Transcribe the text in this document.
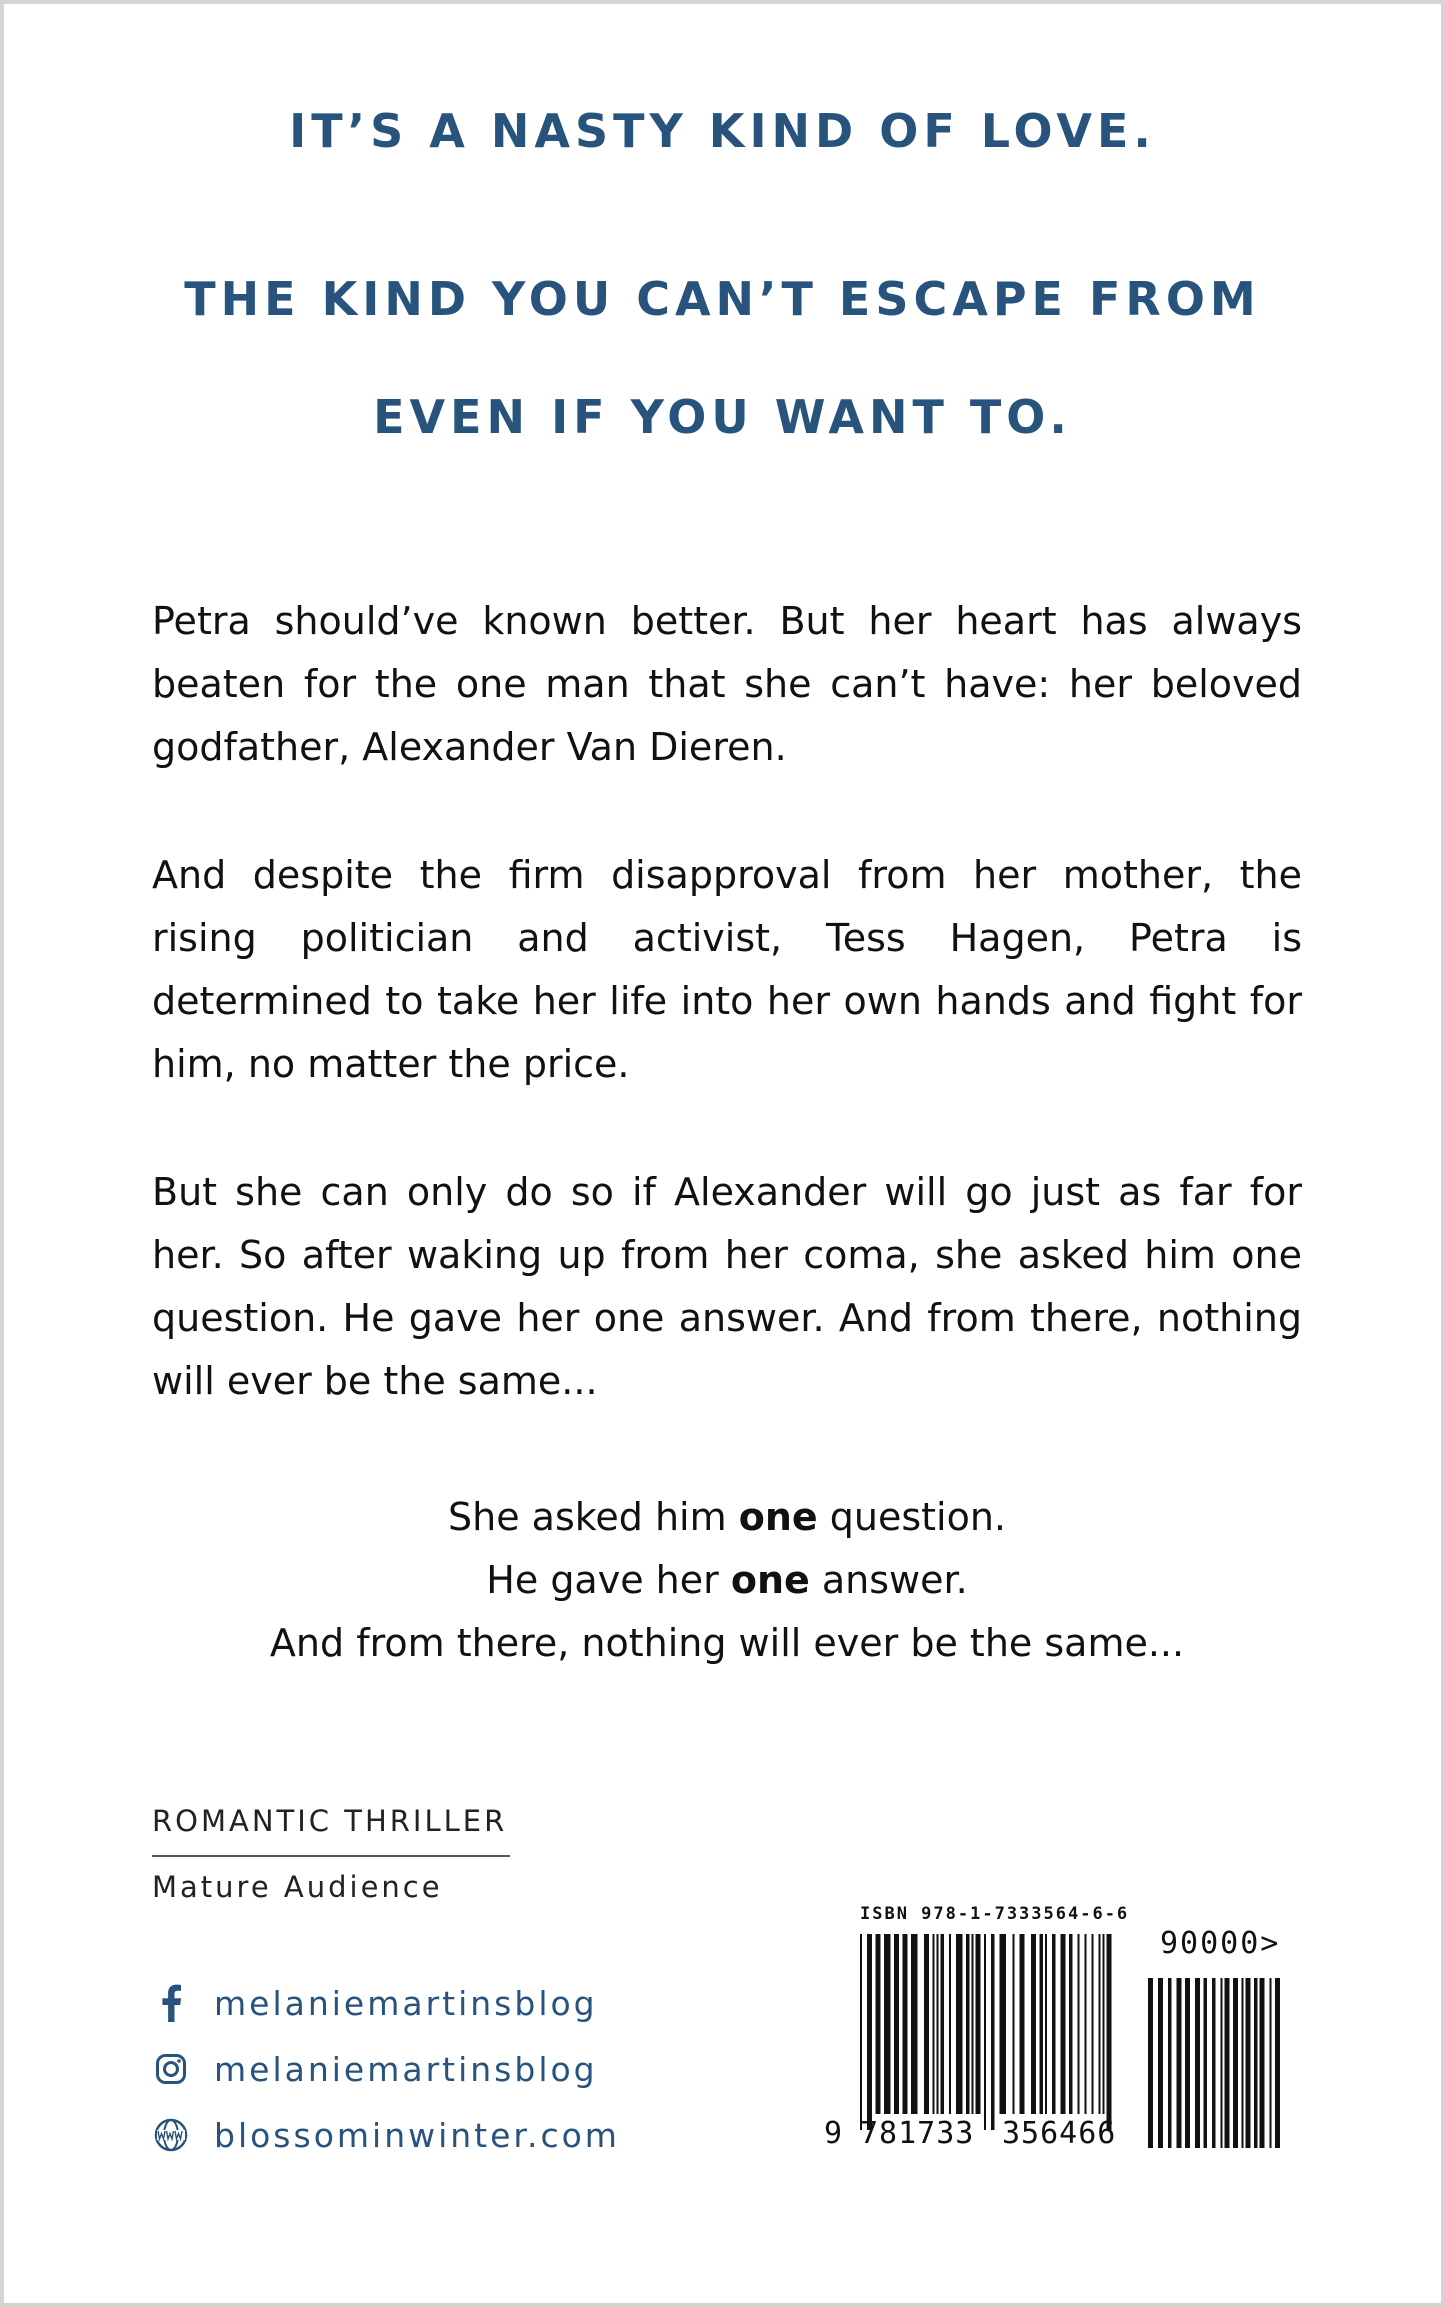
IT’S A NASTY KIND OF LOVE.
THE KIND YOU CAN’T ESCAPE FROM
EVEN IF YOU WANT TO.

Petra should’ve known better. But her heart has always beaten for the one man that she can’t have: her beloved godfather, Alexander Van Dieren.

And despite the firm disapproval from her mother, the rising politician and activist, Tess Hagen, Petra is determined to take her life into her own hands and fight for him, no matter the price.

But she can only do so if Alexander will go just as far for her. So after waking up from her coma, she asked him one question. He gave her one answer. And from there, nothing will ever be the same...

She asked him one question.
He gave her one answer.
And from there, nothing will ever be the same...
ROMANTIC THRILLER
Mature Audience
melaniemartinsblog
melaniemartinsblog
blossominwinter.com
ISBN 978-1-7333564-6-6
90000>
9 781733 356466
